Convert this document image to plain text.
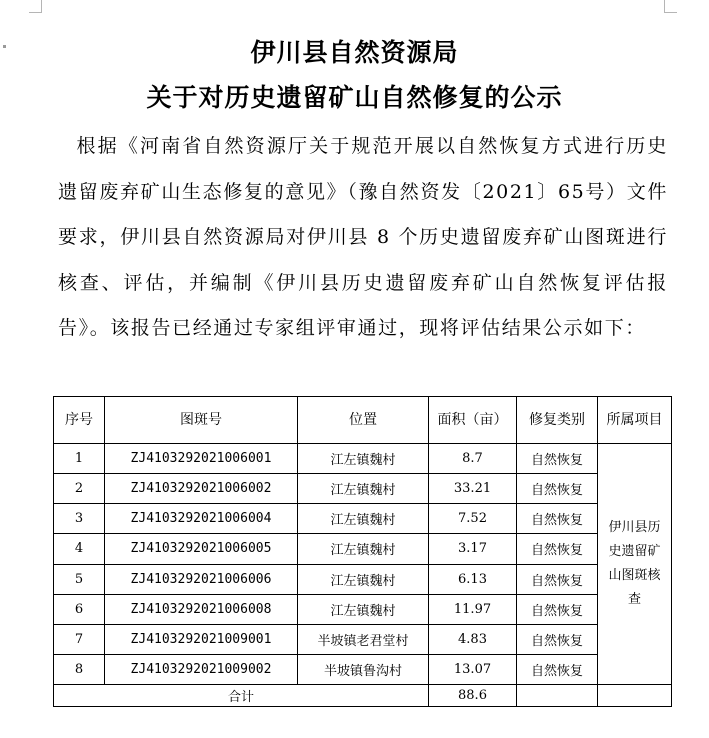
伊川县自然资源局
关于对历史遗留矿山自然修复的公示
根据《河南省自然资源厅关于规范开展以自然恢复方式进行历史遗留废弃矿山生态修复的意见》（豫自然资发〔2021〕65号）文件要求，伊川县自然资源局对伊川县 8 个历史遗留废弃矿山图斑进行核查、评估，并编制《伊川县历史遗留废弃矿山自然恢复评估报告》。该报告已经通过专家组评审通过，现将评估结果公示如下：
序号	图斑号	位置	面积（亩）	修复类别	所属项目
1	ZJ4103292021006001	江左镇魏村	8.7	自然恢复	伊川县历史遗留矿山图斑核查
2	ZJ4103292021006002	江左镇魏村	33.21	自然恢复	
3	ZJ4103292021006004	江左镇魏村	7.52	自然恢复	
4	ZJ4103292021006005	江左镇魏村	3.17	自然恢复	
5	ZJ4103292021006006	江左镇魏村	6.13	自然恢复	
6	ZJ4103292021006008	江左镇魏村	11.97	自然恢复	
7	ZJ4103292021009001	半坡镇老君堂村	4.83	自然恢复	
8	ZJ4103292021009002	半坡镇鲁沟村	13.07	自然恢复	
合计			88.6		
